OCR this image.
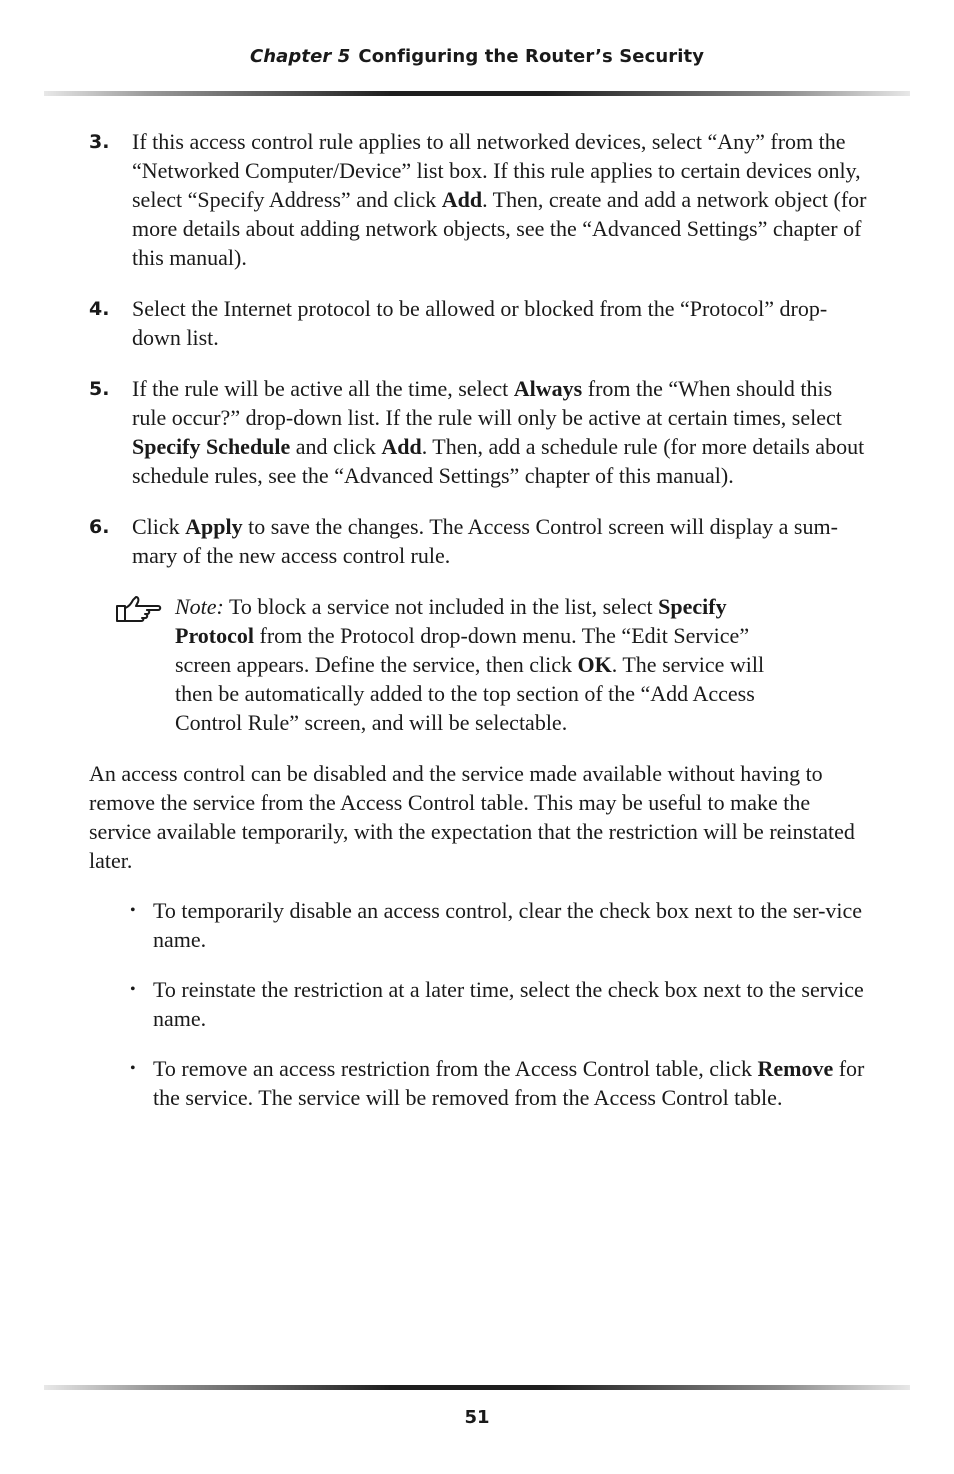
Chapter 5 Configuring the Router’s Security
3. If this access control rule applies to all networked devices, select “Any” from the “Networked Computer/Device” list box. If this rule applies to certain devices only, select “Specify Address” and click Add. Then, create and add a network object (for more details about adding network objects, see the “Advanced Settings” chapter of this manual).
4. Select the Internet protocol to be allowed or blocked from the “Protocol” drop-down list.
5. If the rule will be active all the time, select Always from the “When should this rule occur?” drop-down list. If the rule will only be active at certain times, select Specify Schedule and click Add. Then, add a schedule rule (for more details about schedule rules, see the “Advanced Settings” chapter of this manual).
6. Click Apply to save the changes. The Access Control screen will display a sum-mary of the new access control rule.
Note: To block a service not included in the list, select Specify Protocol from the Protocol drop-down menu. The “Edit Service” screen appears. Define the service, then click OK. The service will then be automatically added to the top section of the “Add Access Control Rule” screen, and will be selectable.

An access control can be disabled and the service made available without having to remove the service from the Access Control table. This may be useful to make the service available temporarily, with the expectation that the restriction will be reinstated later.

• To temporarily disable an access control, clear the check box next to the ser-vice name.
• To reinstate the restriction at a later time, select the check box next to the service name.
• To remove an access restriction from the Access Control table, click Remove for the service. The service will be removed from the Access Control table.
51
